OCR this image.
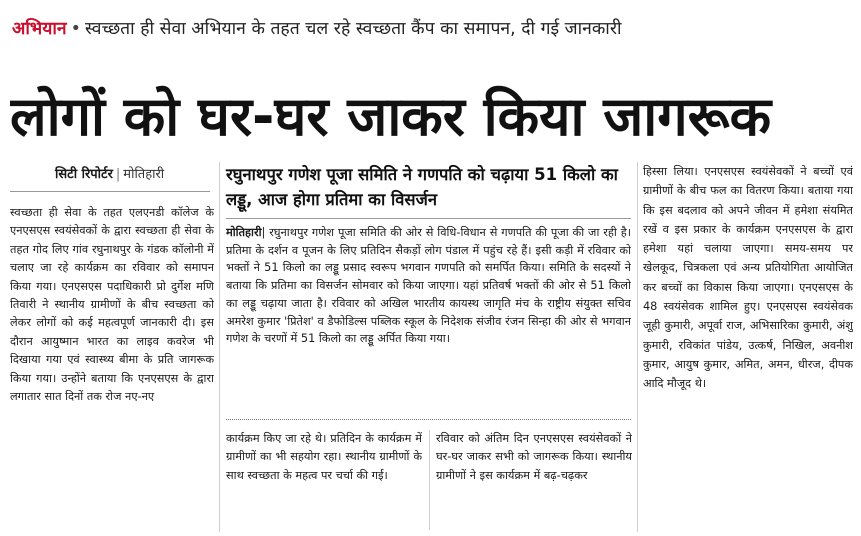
अभियान • स्वच्छता ही सेवा अभियान के तहत चल रहे स्वच्छता कैंप का समापन, दी गई जानकारी
लोगों को घर-घर जाकर किया जागरूक
सिटी रिपोर्टर | मोतिहारी
स्वच्छता ही सेवा के तहत एलएनडी कॉलेज के एनएसएस स्वयंसेवकों के द्वारा स्वच्छता ही सेवा के तहत गोद लिए गांव रघुनाथपुर के गंडक कॉलोनी में चलाए जा रहे कार्यक्रम का रविवार को समापन किया गया। एनएसएस पदाधिकारी प्रो दुर्गेश मणि तिवारी ने स्थानीय ग्रामीणों के बीच स्वच्छता को लेकर लोगों को कई महत्वपूर्ण जानकारी दी। इस दौरान आयुष्मान भारत का लाइव कवरेज भी दिखाया गया एवं स्वास्थ्य बीमा के प्रति जागरूक किया गया। उन्होंने बताया कि एनएसएस के द्वारा लगातार सात दिनों तक रोज नए-नए
रघुनाथपुर गणेश पूजा समिति ने गणपति को चढ़ाया 51 किलो का लड्डू, आज होगा प्रतिमा का विसर्जन
मोतिहारी| रघुनाथपुर गणेश पूजा समिति की ओर से विधि-विधान से गणपति की पूजा की जा रही है। प्रतिमा के दर्शन व पूजन के लिए प्रतिदिन सैकड़ों लोग पंडाल में पहुंच रहे हैं। इसी कड़ी में रविवार को भक्तों ने 51 किलो का लड्डू प्रसाद स्वरूप भगवान गणपति को समर्पित किया। समिति के सदस्यों ने बताया कि प्रतिमा का विसर्जन सोमवार को किया जाएगा। यहां प्रतिवर्ष भक्तों की ओर से 51 किलो का लड्डू चढ़ाया जाता है। रविवार को अखिल भारतीय कायस्थ जागृति मंच के राष्ट्रीय संयुक्त सचिव अमरेश कुमार 'प्रितेश' व डैफोडिल्स पब्लिक स्कूल के निदेशक संजीव रंजन सिन्हा की ओर से भगवान गणेश के चरणों में 51 किलो का लड्डू अर्पित किया गया।
कार्यक्रम किए जा रहे थे। प्रतिदिन के कार्यक्रम में ग्रामीणों का भी सहयोग रहा। स्थानीय ग्रामीणों के साथ स्वच्छता के महत्व पर चर्चा की गई।
रविवार को अंतिम दिन एनएसएस स्वयंसेवकों ने घर-घर जाकर सभी को जागरूक किया। स्थानीय ग्रामीणों ने इस कार्यक्रम में बढ़-चढ़कर
हिस्सा लिया। एनएसएस स्वयंसेवकों ने बच्चों एवं ग्रामीणों के बीच फल का वितरण किया। बताया गया कि इस बदलाव को अपने जीवन में हमेशा संयमित रखें व इस प्रकार के कार्यक्रम एनएसएस के द्वारा हमेशा यहां चलाया जाएगा। समय-समय पर खेलकूद, चित्रकला एवं अन्य प्रतियोगिता आयोजित कर बच्चों का विकास किया जाएगा। एनएसएस के 48 स्वयंसेवक शामिल हुए। एनएसएस स्वयंसेवक जूही कुमारी, अपूर्वा राज, अभिसारिका कुमारी, अंशु कुमारी, रविकांत पांडेय, उत्कर्ष, निखिल, अवनीश कुमार, आयुष कुमार, अमित, अमन, धीरज, दीपक आदि मौजूद थे।
